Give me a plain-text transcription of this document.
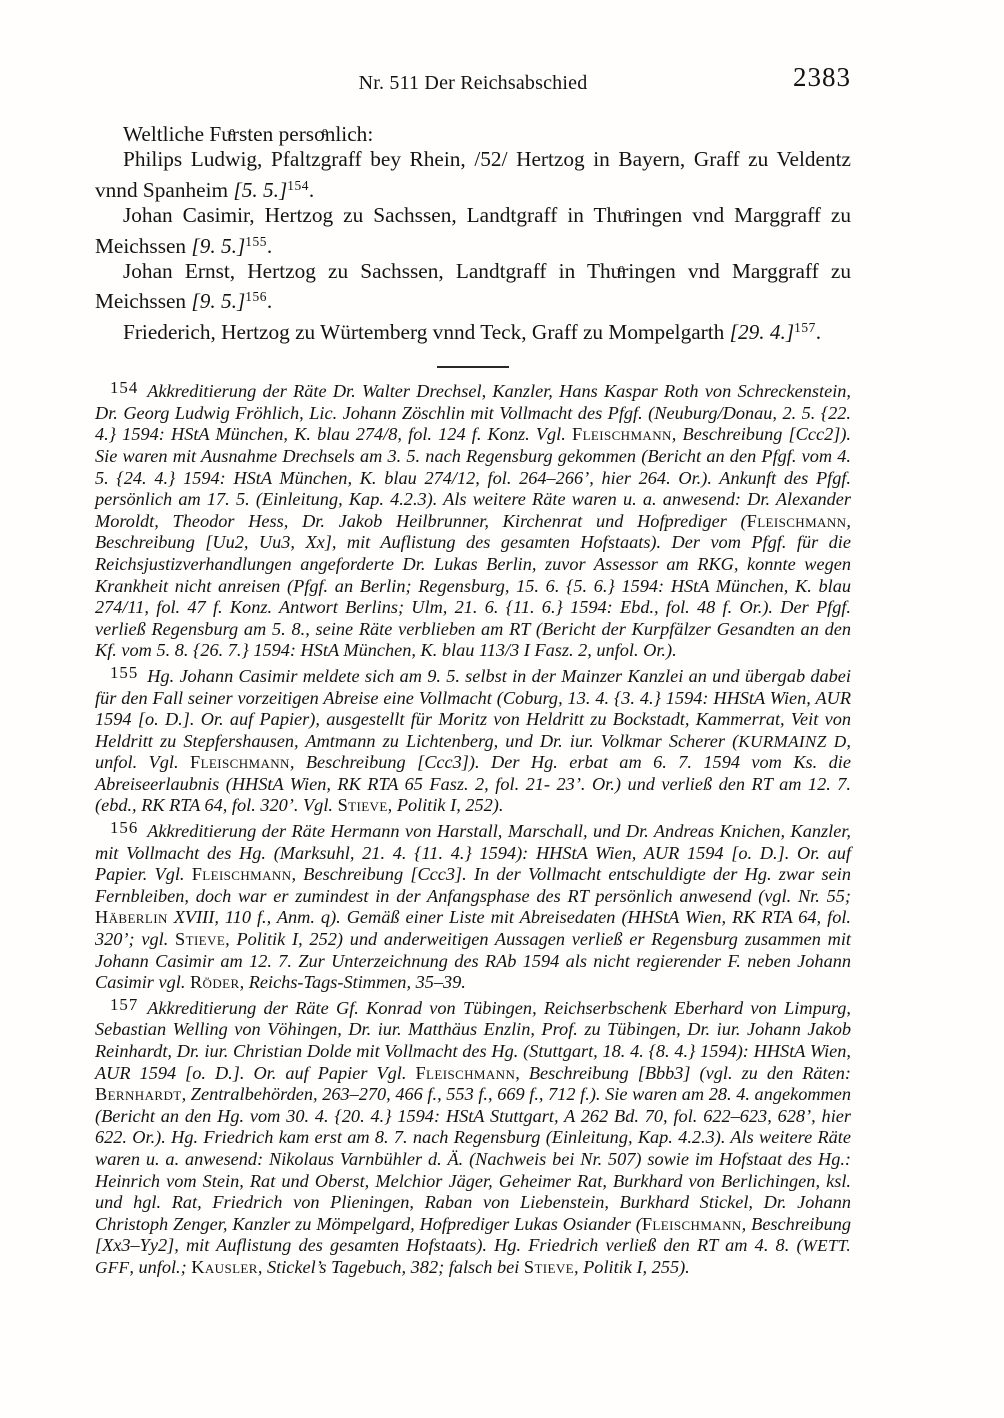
Nr. 511 Der Reichsabschied	2383

Weltliche Fuͤrsten persoͤnlich:

Philips Ludwig, Pfaltzgraff bey Rhein, /52/ Hertzog in Bayern, Graff zu Veldentz vnnd Spanheim [5. 5.]$^{154}$.

Johan Casimir, Hertzog zu Sachssen, Landtgraff in Thuͤringen vnd Marggraff zu Meichssen [9. 5.]$^{155}$.

Johan Ernst, Hertzog zu Sachssen, Landtgraff in Thuͤringen vnd Marggraff zu Meichssen [9. 5.]$^{156}$.

Friederich, Hertzog zu Würtemberg vnnd Teck, Graff zu Mompelgarth [29. 4.]$^{157}$.

154 Akkreditierung der Räte Dr. Walter Drechsel, Kanzler, Hans Kaspar Roth von Schreckenstein, Dr. Georg Ludwig Fröhlich, Lic. Johann Zöschlin mit Vollmacht des Pfgf. (Neuburg/Donau, 2. 5. {22. 4.} 1594: HStA München, K. blau 274/8, fol. 124 f. Konz. Vgl. Fleischmann, Beschreibung [Ccc2]). Sie waren mit Ausnahme Drechsels am 3. 5. nach Regensburg gekommen (Bericht an den Pfgf. vom 4. 5. {24. 4.} 1594: HStA München, K. blau 274/12, fol. 264–266’, hier 264. Or.). Ankunft des Pfgf. persönlich am 17. 5. (Einleitung, Kap. 4.2.3). Als weitere Räte waren u. a. anwesend: Dr. Alexander Moroldt, Theodor Hess, Dr. Jakob Heilbrunner, Kirchenrat und Hofprediger (Fleischmann, Beschreibung [Uu2, Uu3, Xx], mit Auflistung des gesamten Hofstaats). Der vom Pfgf. für die Reichsjustizverhandlungen angeforderte Dr. Lukas Berlin, zuvor Assessor am RKG, konnte wegen Krankheit nicht anreisen (Pfgf. an Berlin; Regensburg, 15. 6. {5. 6.} 1594: HStA München, K. blau 274/11, fol. 47 f. Konz. Antwort Berlins; Ulm, 21. 6. {11. 6.} 1594: Ebd., fol. 48 f. Or.). Der Pfgf. verließ Regensburg am 5. 8., seine Räte verblieben am RT (Bericht der Kurpfälzer Gesandten an den Kf. vom 5. 8. {26. 7.} 1594: HStA München, K. blau 113/3 I Fasz. 2, unfol. Or.).
155 Hg. Johann Casimir meldete sich am 9. 5. selbst in der Mainzer Kanzlei an und übergab dabei für den Fall seiner vorzeitigen Abreise eine Vollmacht (Coburg, 13. 4. {3. 4.} 1594: HHStA Wien, AUR 1594 [o. D.]. Or. auf Papier), ausgestellt für Moritz von Heldritt zu Bockstadt, Kammerrat, Veit von Heldritt zu Stepfershausen, Amtmann zu Lichtenberg, und Dr. iur. Volkmar Scherer (KURMAINZ D, unfol. Vgl. Fleischmann, Beschreibung [Ccc3]). Der Hg. erbat am 6. 7. 1594 vom Ks. die Abreiseerlaubnis (HHStA Wien, RK RTA 65 Fasz. 2, fol. 21- 23’. Or.) und verließ den RT am 12. 7. (ebd., RK RTA 64, fol. 320’. Vgl. Stieve, Politik I, 252).
156 Akkreditierung der Räte Hermann von Harstall, Marschall, und Dr. Andreas Knichen, Kanzler, mit Vollmacht des Hg. (Marksuhl, 21. 4. {11. 4.} 1594): HHStA Wien, AUR 1594 [o. D.]. Or. auf Papier. Vgl. Fleischmann, Beschreibung [Ccc3]. In der Vollmacht entschuldigte der Hg. zwar sein Fernbleiben, doch war er zumindest in der Anfangsphase des RT persönlich anwesend (vgl. Nr. 55; Häberlin XVIII, 110 f., Anm. q). Gemäß einer Liste mit Abreisedaten (HHStA Wien, RK RTA 64, fol. 320’; vgl. Stieve, Politik I, 252) und anderweitigen Aussagen verließ er Regensburg zusammen mit Johann Casimir am 12. 7. Zur Unterzeichnung des RAb 1594 als nicht regierender F. neben Johann Casimir vgl. Röder, Reichs-Tags-Stimmen, 35–39.
157 Akkreditierung der Räte Gf. Konrad von Tübingen, Reichserbschenk Eberhard von Limpurg, Sebastian Welling von Vöhingen, Dr. iur. Matthäus Enzlin, Prof. zu Tübingen, Dr. iur. Johann Jakob Reinhardt, Dr. iur. Christian Dolde mit Vollmacht des Hg. (Stuttgart, 18. 4. {8. 4.} 1594): HHStA Wien, AUR 1594 [o. D.]. Or. auf Papier Vgl. Fleischmann, Beschreibung [Bbb3] (vgl. zu den Räten: Bernhardt, Zentralbehörden, 263–270, 466 f., 553 f., 669 f., 712 f.). Sie waren am 28. 4. angekommen (Bericht an den Hg. vom 30. 4. {20. 4.} 1594: HStA Stuttgart, A 262 Bd. 70, fol. 622–623, 628’, hier 622. Or.). Hg. Friedrich kam erst am 8. 7. nach Regensburg (Einleitung, Kap. 4.2.3). Als weitere Räte waren u. a. anwesend: Nikolaus Varnbühler d. Ä. (Nachweis bei Nr. 507) sowie im Hofstaat des Hg.: Heinrich vom Stein, Rat und Oberst, Melchior Jäger, Geheimer Rat, Burkhard von Berlichingen, ksl. und hgl. Rat, Friedrich von Plieningen, Raban von Liebenstein, Burkhard Stickel, Dr. Johann Christoph Zenger, Kanzler zu Mömpelgard, Hofprediger Lukas Osiander (Fleischmann, Beschreibung [Xx3–Yy2], mit Auflistung des gesamten Hofstaats). Hg. Friedrich verließ den RT am 4. 8. (WETT. GFF, unfol.; Kausler, Stickel’s Tagebuch, 382; falsch bei Stieve, Politik I, 255).
